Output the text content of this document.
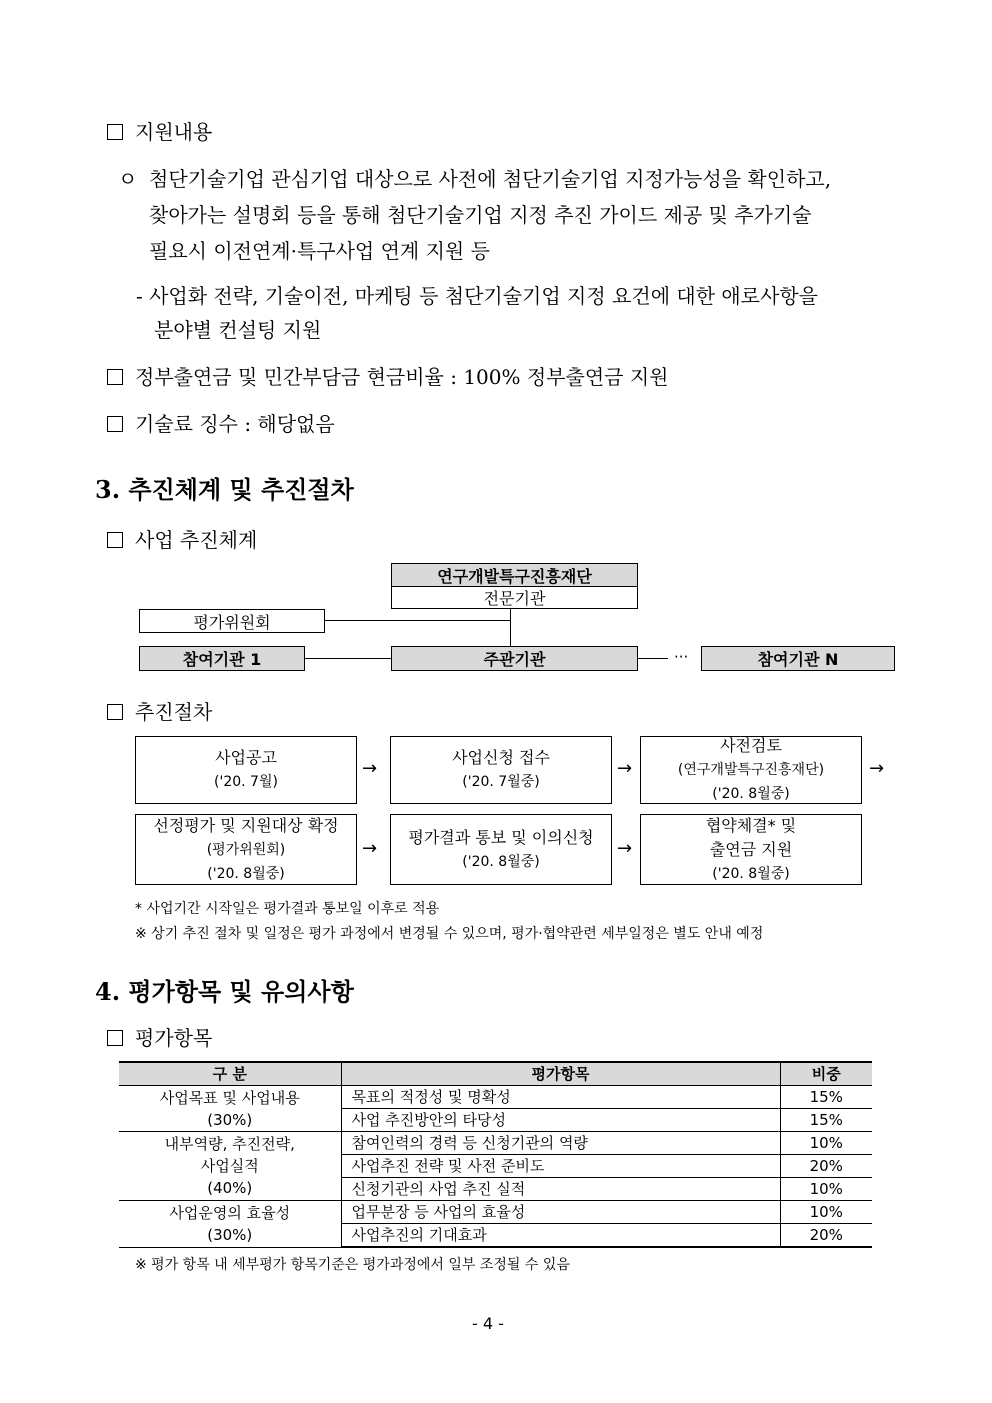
지원내용
ㅇ 첨단기술기업 관심기업 대상으로 사전에 첨단기술기업 지정가능성을 확인하고,
찾아가는 설명회 등을 통해 첨단기술기업 지정 추진 가이드 제공 및 추가기술
필요시 이전연계·특구사업 연계 지원 등
- 사업화 전략, 기술이전, 마케팅 등 첨단기술기업 지정 요건에 대한 애로사항을
분야별 컨설팅 지원
정부출연금 및 민간부담금 현금비율 : 100% 정부출연금 지원
기술료 징수 : 해당없음
3. 추진체계 및 추진절차
사업 추진체계
연구개발특구진흥재단
전문기관
평가위원회
참여기관 1	주관기관	···	참여기관 N
추진절차
사업공고
('20. 7월)
→
사업신청 접수
('20. 7월중)
→
사전검토
(연구개발특구진흥재단)
('20. 8월중)
→
선정평가 및 지원대상 확정
(평가위원회)
('20. 8월중)
→
평가결과 통보 및 이의신청
('20. 8월중)
→
협약체결* 및
출연금 지원
('20. 8월중)
* 사업기간 시작일은 평가결과 통보일 이후로 적용
※ 상기 추진 절차 및 일정은 평가 과정에서 변경될 수 있으며, 평가·협약관련 세부일정은 별도 안내 예정
4. 평가항목 및 유의사항
평가항목
구 분	평가항목	비중

사업목표 및 사업내용
(30%)	목표의 적정성 및 명확성	15%
	사업 추진방안의 타당성	15%

내부역량, 추진전략,
사업실적
(40%)	참여인력의 경력 등 신청기관의 역량	10%
	사업추진 전략 및 사전 준비도	20%
	신청기관의 사업 추진 실적	10%

사업운영의 효율성
(30%)	업무분장 등 사업의 효율성	10%
	사업추진의 기대효과	20%
※ 평가 항목 내 세부평가 항목기준은 평가과정에서 일부 조정될 수 있음
- 4 -
